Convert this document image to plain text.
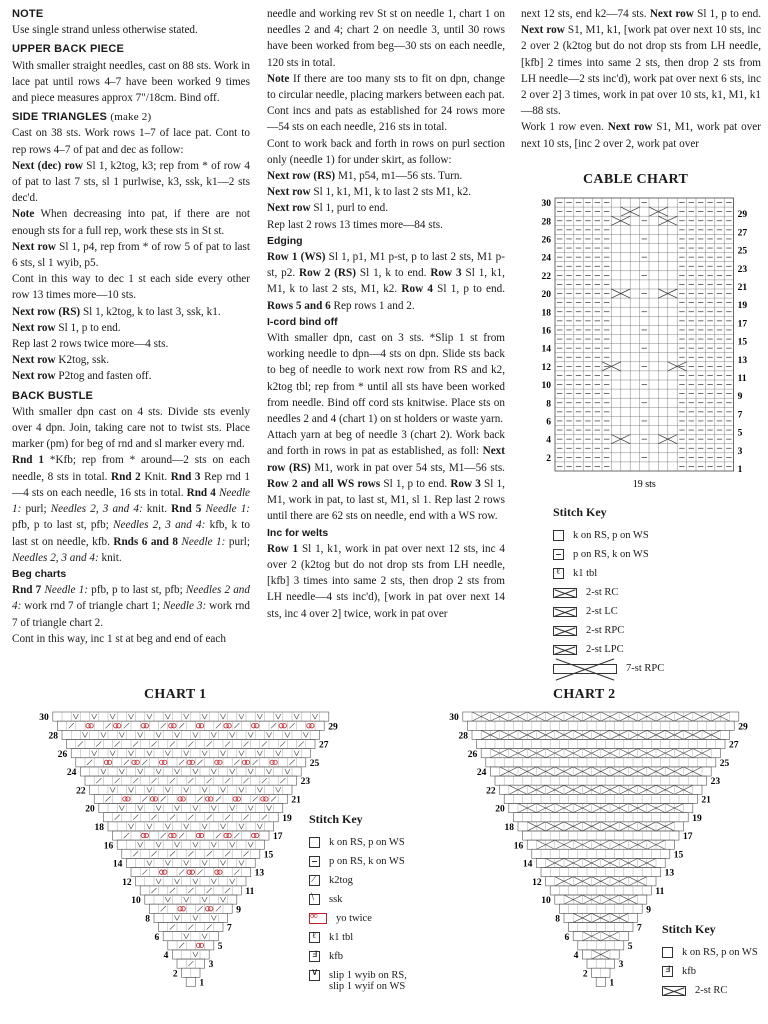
NOTE

Use single strand unless otherwise stated.

UPPER BACK PIECE

With smaller straight needles, cast on 88 sts. Work in lace pat until rows 4–7 have been worked 9 times and piece measures approx 7"/18cm. Bind off.

SIDE TRIANGLES (make 2)

Cast on 38 sts. Work rows 1–7 of lace pat. Cont to rep rows 4–7 of pat and dec as follow:

Next (dec) row Sl 1, k2tog, k3; rep from * of row 4 of pat to last 7 sts, sl 1 purlwise, k3, ssk, k1—2 sts dec'd.

Note When decreasing into pat, if there are not enough sts for a full rep, work these sts in St st.

Next row Sl 1, p4, rep from * of row 5 of pat to last 6 sts, sl 1 wyib, p5.

Cont in this way to dec 1 st each side every other row 13 times more—10 sts.

Next row (RS) Sl 1, k2tog, k to last 3, ssk, k1.

Next row Sl 1, p to end.

Rep last 2 rows twice more—4 sts.

Next row K2tog, ssk.

Next row P2tog and fasten off.

BACK BUSTLE

With smaller dpn cast on 4 sts. Divide sts evenly over 4 dpn. Join, taking care not to twist sts. Place marker (pm) for beg of rnd and sl marker every rnd.

Rnd 1 *Kfb; rep from * around—2 sts on each needle, 8 sts in total. Rnd 2 Knit. Rnd 3 Rep rnd 1—4 sts on each needle, 16 sts in total. Rnd 4 Needle 1: purl; Needles 2, 3 and 4: knit. Rnd 5 Needle 1: pfb, p to last st, pfb; Needles 2, 3 and 4: kfb, k to last st on needle, kfb. Rnds 6 and 8 Needle 1: purl; Needles 2, 3 and 4: knit.

Beg charts

Rnd 7 Needle 1: pfb, p to last st, pfb; Needles 2 and 4: work rnd 7 of triangle chart 1; Needle 3: work rnd 7 of triangle chart 2.

Cont in this way, inc 1 st at beg and end of each

needle and working rev St st on needle 1, chart 1 on needles 2 and 4; chart 2 on needle 3, until 30 rows have been worked from beg—30 sts on each needle, 120 sts in total.

Note If there are too many sts to fit on dpn, change to circular needle, placing markers between each pat.

Cont incs and pats as established for 24 rows more—54 sts on each needle, 216 sts in total.

Cont to work back and forth in rows on purl section only (needle 1) for under skirt, as follow:

Next row (RS) M1, p54, m1—56 sts. Turn.

Next row Sl 1, k1, M1, k to last 2 sts M1, k2.

Next row Sl 1, purl to end.

Rep last 2 rows 13 times more—84 sts.

Edging

Row 1 (WS) Sl 1, p1, M1 p-st, p to last 2 sts, M1 p-st, p2. Row 2 (RS) Sl 1, k to end. Row 3 Sl 1, k1, M1, k to last 2 sts, M1, k2. Row 4 Sl 1, p to end. Rows 5 and 6 Rep rows 1 and 2.

I-cord bind off

With smaller dpn, cast on 3 sts. *Slip 1 st from working needle to dpn—4 sts on dpn. Slide sts back to beg of needle to work next row from RS and k2, k2tog tbl; rep from * until all sts have been worked from needle. Bind off cord sts knitwise. Place sts on needles 2 and 4 (chart 1) on st holders or waste yarn.

Attach yarn at beg of needle 3 (chart 2). Work back and forth in rows in pat as established, as foll: Next row (RS) M1, work in pat over 54 sts, M1—56 sts. Row 2 and all WS rows Sl 1, p to end. Row 3 Sl 1, M1, work in pat, to last st, M1, sl 1. Rep last 2 rows until there are 62 sts on needle, end with a WS row.

Inc for welts

Row 1 Sl 1, k1, work in pat over next 12 sts, inc 4 over 2 (k2tog but do not drop sts from LH needle, [kfb] 3 times into same 2 sts, then drop 2 sts from LH needle—4 sts inc'd), [work in pat over next 14 sts, inc 4 over 2] twice, work in pat over

next 12 sts, end k2—74 sts. Next row Sl 1, p to end. Next row S1, M1, k1, [work pat over next 10 sts, inc 2 over 2 (k2tog but do not drop sts from LH needle, [kfb] 2 times into same 2 sts, then drop 2 sts from LH needle—2 sts inc'd), work pat over next 6 sts, inc 2 over 2] 3 times, work in pat over 10 sts, k1, M1, k1—88 sts.

Work 1 row even. Next row S1, M1, work pat over next 10 sts, [inc 2 over 2, work pat over

CABLE CHART
30
28
26
24
22
20
18
16
14
12
10
8
6
4
2
29
27
25
23
21
19
17
15
13
11
9
7
5
3
1
19 sts
Stitch Key
k on RS, p on WS
p on RS, k on WS
ℓ
k1 tbl
2-st RC
2-st LC
2-st RPC
2-st LPC
7-st RPC
CHART 1
30
29
28
27
26
25
24
23
22
21
20
19
18
17
16
15
14
13
12
11
10
9
8
7
6
5
4
3
2
1
Stitch Key
k on RS, p on WS
p on RS, k on WS
⁄
k2tog
⧵
ssk
∞
yo twice
ℓ
k1 tbl
Ⅎ
kfb
∨
slip 1 wyib on RS,
slip 1 wyif on WS
CHART 2
30
29
28
27
26
25
24
23
22
21
20
19
18
17
16
15
14
13
12
11
10
9
8
7
6
5
4
3
2
1
Stitch Key
k on RS, p on WS
Ⅎ
kfb
2-st RC
